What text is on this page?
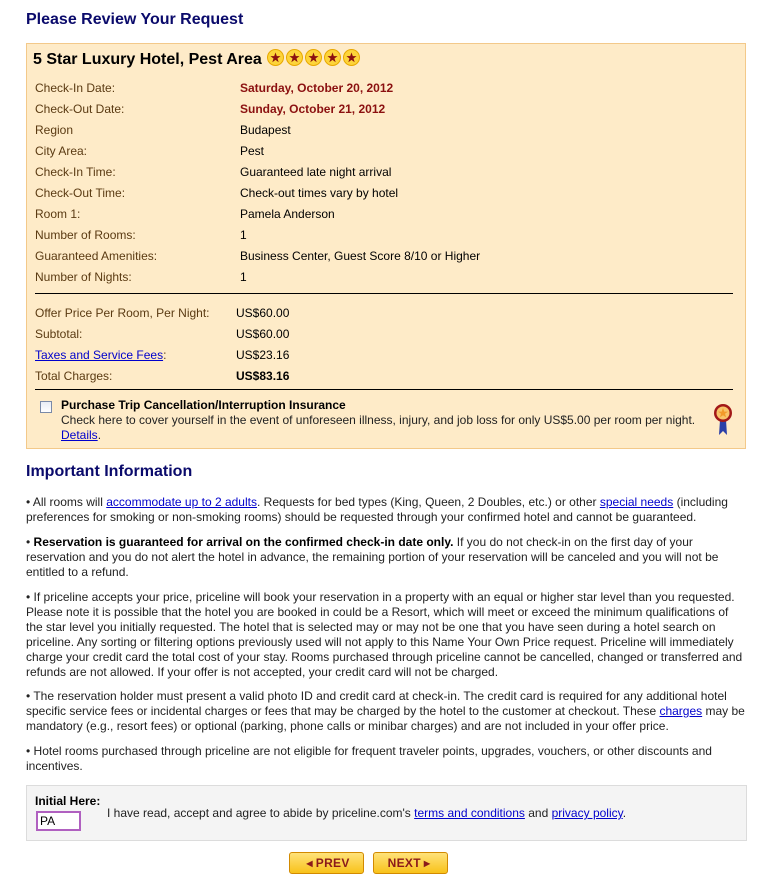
Please Review Your Request
5 Star Luxury Hotel, Pest Area
Check-In Date:	Saturday, October 20, 2012
Check-Out Date:	Sunday, October 21, 2012
Region	Budapest
City Area:	Pest
Check-In Time:	Guaranteed late night arrival
Check-Out Time:	Check-out times vary by hotel
Room 1:	Pamela Anderson
Number of Rooms:	1
Guaranteed Amenities:	Business Center, Guest Score 8/10 or Higher
Number of Nights:	1
Offer Price Per Room, Per Night: US$60.00
Subtotal:	US$60.00
Taxes and Service Fees:	US$23.16
Total Charges:	US$83.16
Purchase Trip Cancellation/Interruption Insurance
Check here to cover yourself in the event of unforeseen illness, injury, and job loss for only US$5.00 per room per night. Details.
Important Information

• All rooms will accommodate up to 2 adults. Requests for bed types (King, Queen, 2 Doubles, etc.) or other special needs (including preferences for smoking or non-smoking rooms) should be requested through your confirmed hotel and cannot be guaranteed.

• Reservation is guaranteed for arrival on the confirmed check-in date only. If you do not check-in on the first day of your reservation and you do not alert the hotel in advance, the remaining portion of your reservation will be canceled and you will not be entitled to a refund.

• If priceline accepts your price, priceline will book your reservation in a property with an equal or higher star level than you requested. Please note it is possible that the hotel you are booked in could be a Resort, which will meet or exceed the minimum qualifications of the star level you initially requested. The hotel that is selected may or may not be one that you have seen during a hotel search on priceline. Any sorting or filtering options previously used will not apply to this Name Your Own Price request. Priceline will immediately charge your credit card the total cost of your stay. Rooms purchased through priceline cannot be cancelled, changed or transferred and refunds are not allowed. If your offer is not accepted, your credit card will not be charged.

• The reservation holder must present a valid photo ID and credit card at check-in. The credit card is required for any additional hotel specific service fees or incidental charges or fees that may be charged by the hotel to the customer at checkout. These charges may be mandatory (e.g., resort fees) or optional (parking, phone calls or minibar charges) and are not included in your offer price.

• Hotel rooms purchased through priceline are not eligible for frequent traveler points, upgrades, vouchers, or other discounts and incentives.

Initial Here:
PA
I have read, accept and agree to abide by priceline.com's terms and conditions and privacy policy.
◀ PREV	NEXT ▶
